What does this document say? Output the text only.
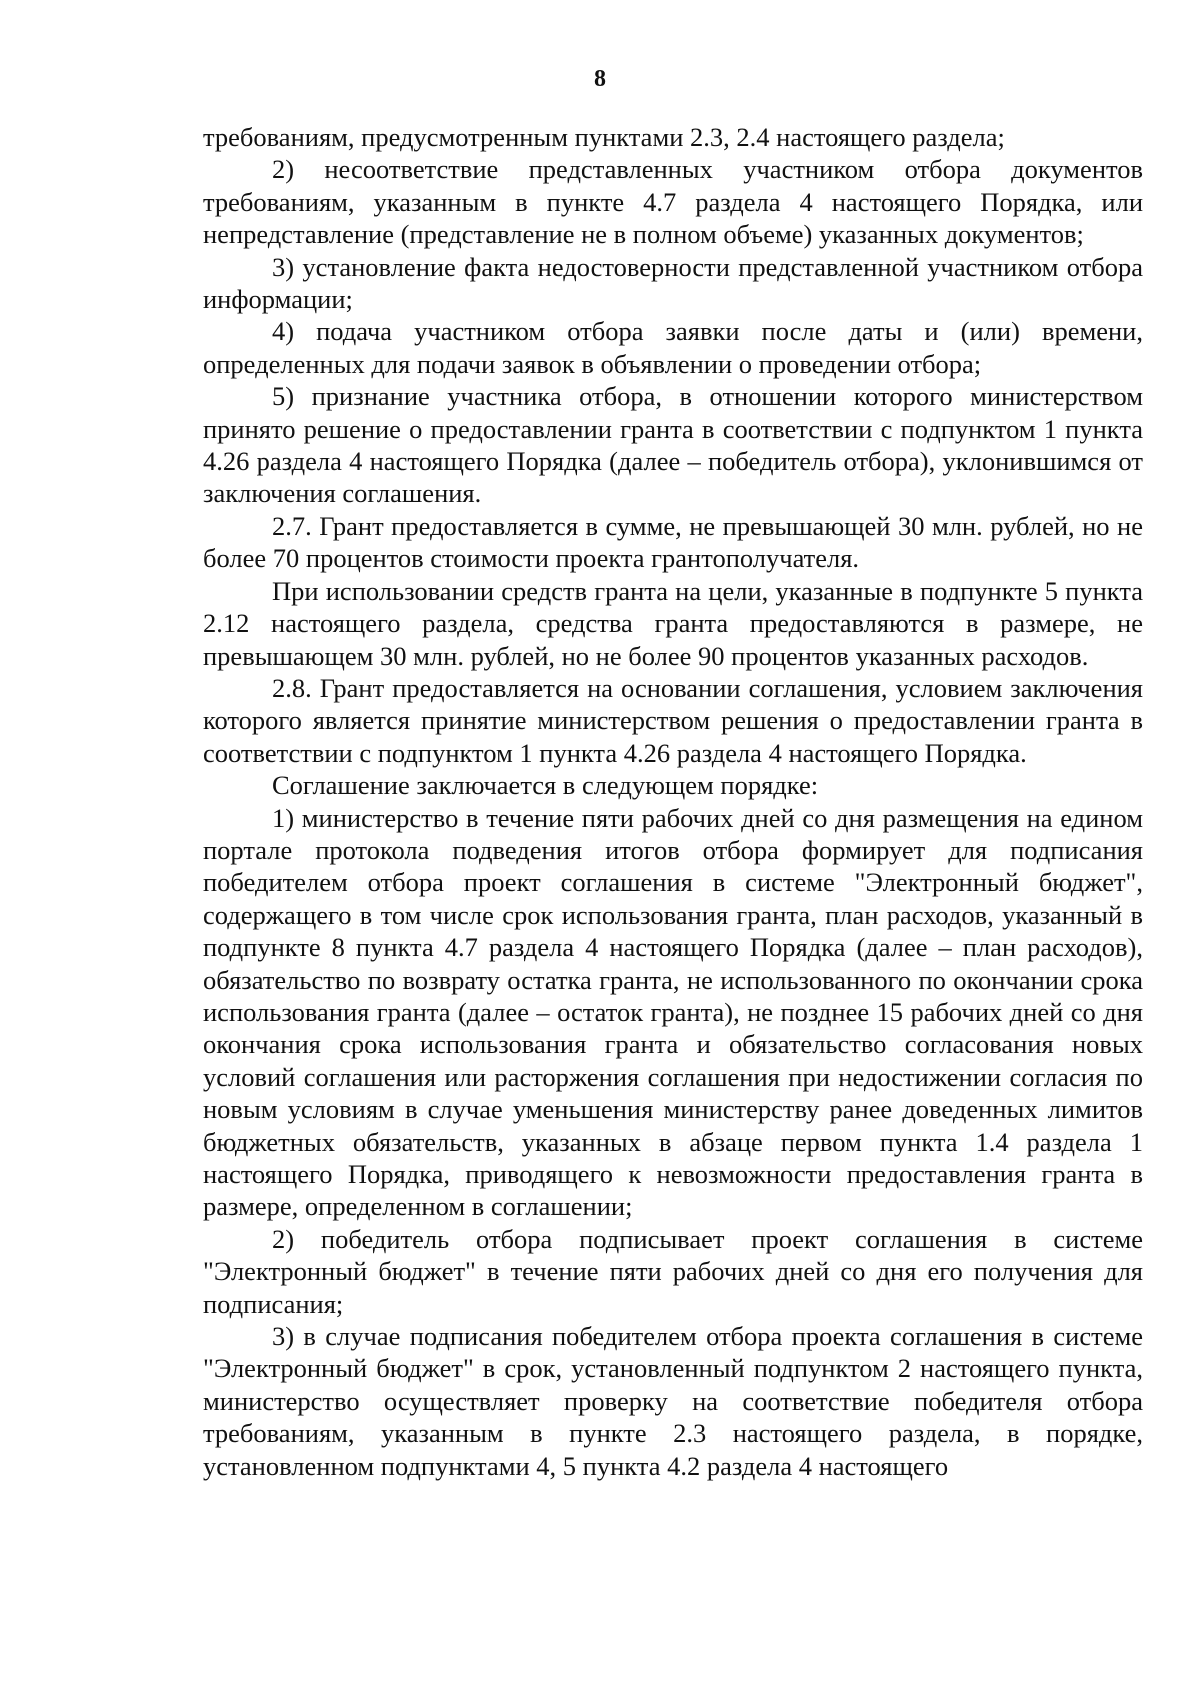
8

требованиям, предусмотренным пунктами 2.3, 2.4 настоящего раздела;

2) несоответствие представленных участником отбора документов требованиям, указанным в пункте 4.7 раздела 4 настоящего Порядка, или непредставление (представление не в полном объеме) указанных документов;

3) установление факта недостоверности представленной участником отбора информации;

4) подача участником отбора заявки после даты и (или) времени, определенных для подачи заявок в объявлении о проведении отбора;

5) признание участника отбора, в отношении которого министерством принято решение о предоставлении гранта в соответствии с подпунктом 1 пункта 4.26 раздела 4 настоящего Порядка (далее – победитель отбора), уклонившимся от заключения соглашения.

2.7. Грант предоставляется в сумме, не превышающей 30 млн. рублей, но не более 70 процентов стоимости проекта грантополучателя.

При использовании средств гранта на цели, указанные в подпункте 5 пункта 2.12 настоящего раздела, средства гранта предоставляются в размере, не превышающем 30 млн. рублей, но не более 90 процентов указанных расходов.

2.8. Грант предоставляется на основании соглашения, условием заключения которого является принятие министерством решения о предоставлении гранта в соответствии с подпунктом 1 пункта 4.26 раздела 4 настоящего Порядка.

Соглашение заключается в следующем порядке:

1) министерство в течение пяти рабочих дней со дня размещения на едином портале протокола подведения итогов отбора формирует для подписания победителем отбора проект соглашения в системе "Электронный бюджет", содержащего в том числе срок использования гранта, план расходов, указанный в подпункте 8 пункта 4.7 раздела 4 настоящего Порядка (далее – план расходов), обязательство по возврату остатка гранта, не использованного по окончании срока использования гранта (далее – остаток гранта), не позднее 15 рабочих дней со дня окончания срока использования гранта и обязательство согласования новых условий соглашения или расторжения соглашения при недостижении согласия по новым условиям в случае уменьшения министерству ранее доведенных лимитов бюджетных обязательств, указанных в абзаце первом пункта 1.4 раздела 1 настоящего Порядка, приводящего к невозможности предоставления гранта в размере, определенном в соглашении;

2) победитель отбора подписывает проект соглашения в системе "Электронный бюджет" в течение пяти рабочих дней со дня его получения для подписания;

3) в случае подписания победителем отбора проекта соглашения в системе "Электронный бюджет" в срок, установленный подпунктом 2 настоящего пункта, министерство осуществляет проверку на соответствие победителя отбора требованиям, указанным в пункте 2.3 настоящего раздела, в порядке, установленном подпунктами 4, 5 пункта 4.2 раздела 4 настоящего
